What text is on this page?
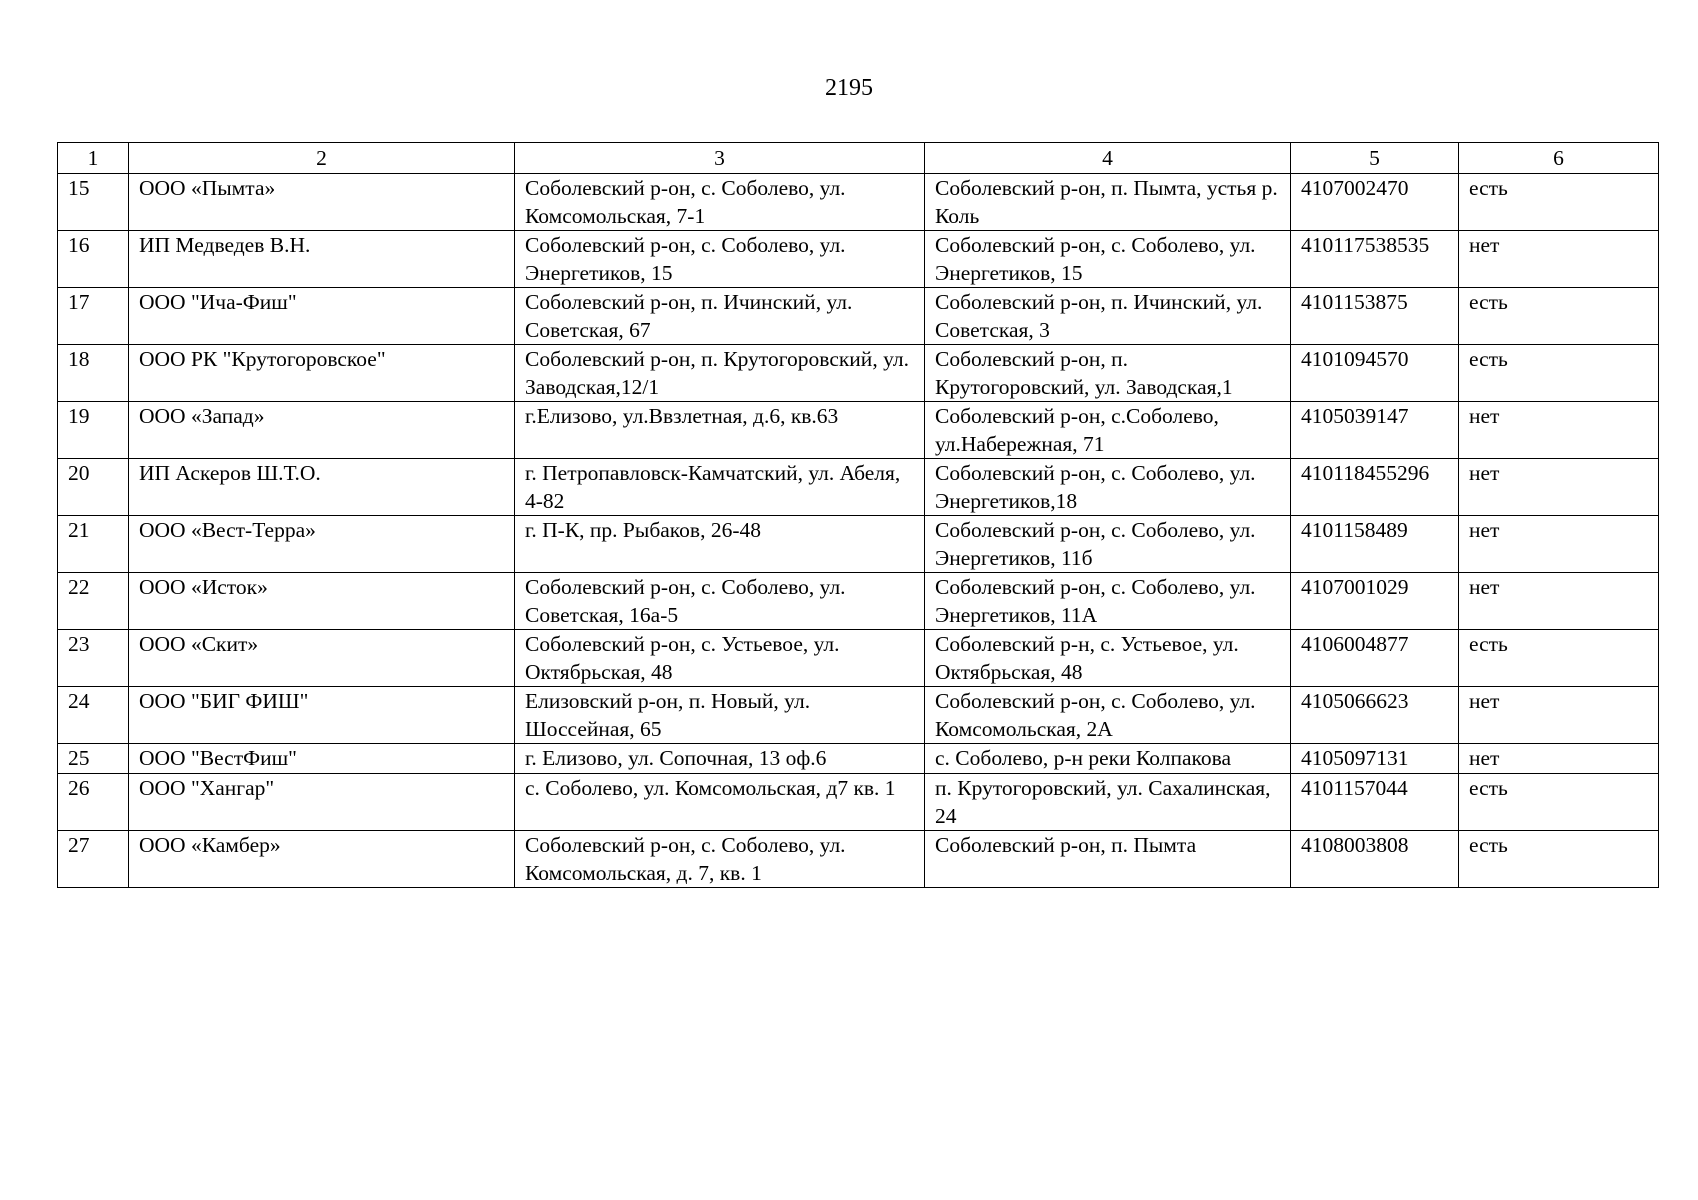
2195
1	2	3	4	5	6
15	ООО «Пымта»	Соболевский р-он, с. Соболево, ул. Комсомольская, 7-1	Соболевский р-он, п. Пымта, устья р. Коль	4107002470	есть
16	ИП Медведев В.Н.	Соболевский р-он, с. Соболево, ул. Энергетиков, 15	Соболевский р-он, с. Соболево, ул. Энергетиков, 15	410117538535	нет
17	ООО "Ича-Фиш"	Соболевский р-он, п. Ичинский, ул. Советская, 67	Соболевский р-он, п. Ичинский, ул. Советская, 3	4101153875	есть
18	ООО РК "Крутогоровское"	Соболевский р-он, п. Крутогоровский, ул. Заводская,12/1	Соболевский р-он, п. Крутогоровский, ул. Заводская,1	4101094570	есть
19	ООО «Запад»	г.Елизово, ул.Ввзлетная, д.6, кв.63	Соболевский р-он, с.Соболево, ул.Набережная, 71	4105039147	нет
20	ИП Аскеров Ш.Т.О.	г. Петропавловск-Камчатский, ул. Абеля, 4-82	Соболевский р-он, с. Соболево, ул. Энергетиков,18	410118455296	нет
21	ООО «Вест-Терра»	г. П-К, пр. Рыбаков, 26-48	Соболевский р-он, с. Соболево, ул. Энергетиков, 11б	4101158489	нет
22	ООО «Исток»	Соболевский р-он, с. Соболево, ул. Советская, 16а-5	Соболевский р-он, с. Соболево, ул. Энергетиков, 11А	4107001029	нет
23	ООО «Скит»	Соболевский р-он, с. Устьевое, ул. Октябрьская, 48	Соболевский р-н, с. Устьевое, ул. Октябрьская, 48	4106004877	есть
24	ООО "БИГ ФИШ"	Елизовский р-он, п. Новый, ул. Шоссейная, 65	Соболевский р-он, с. Соболево, ул. Комсомольская, 2А	4105066623	нет
25	ООО "ВестФиш"	г. Елизово, ул. Сопочная, 13 оф.6	с. Соболево, р-н реки Колпакова	4105097131	нет
26	ООО "Хангар"	с. Соболево, ул. Комсомольская, д7 кв. 1	п. Крутогоровский, ул. Сахалинская, 24	4101157044	есть
27	ООО «Камбер»	Соболевский р-он, с. Соболево, ул. Комсомольская, д. 7, кв. 1	Соболевский р-он, п. Пымта	4108003808	есть
